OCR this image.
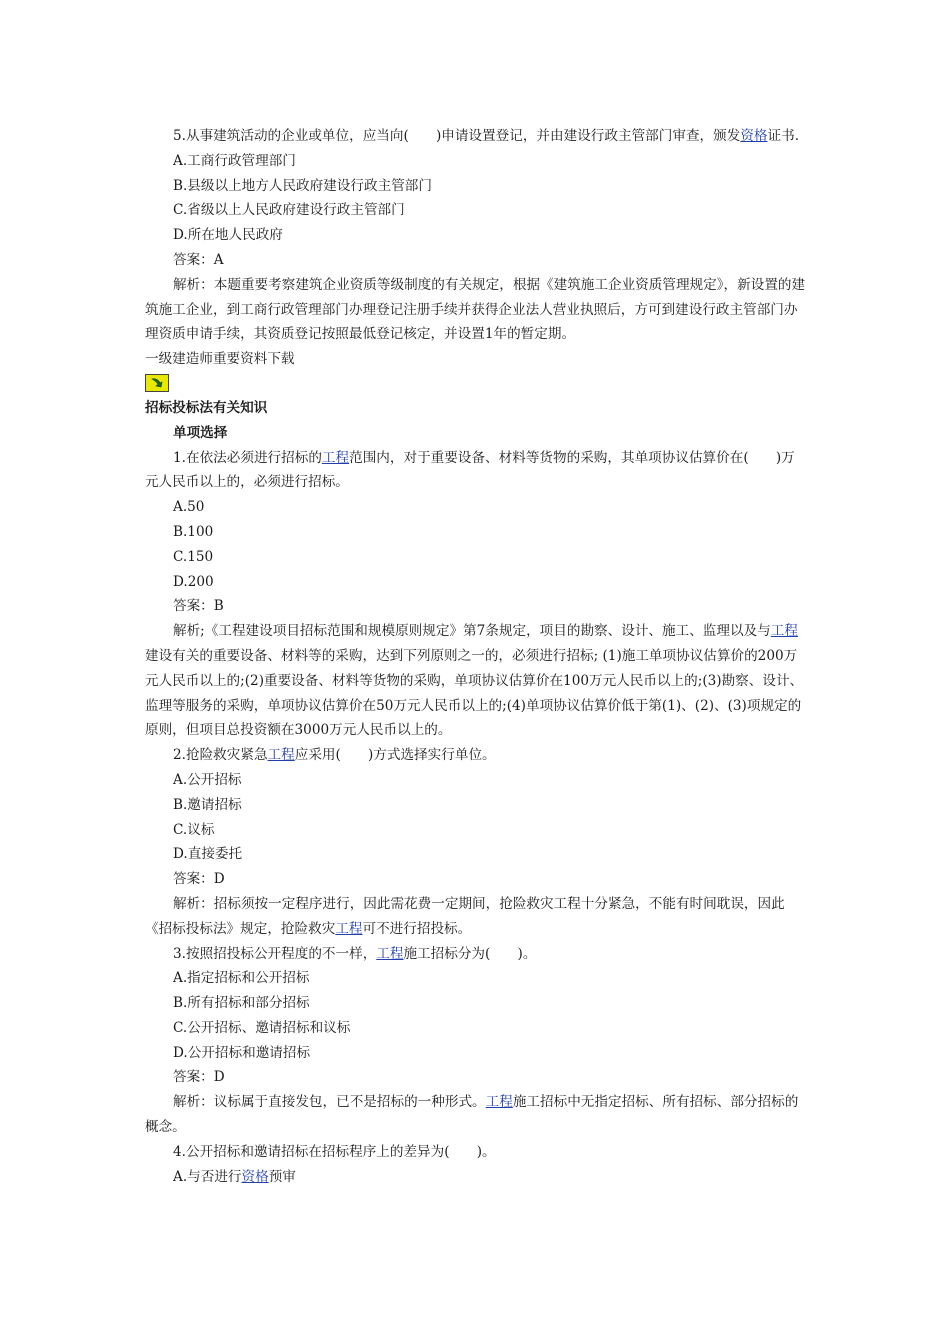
5.从事建筑活动的企业或单位，应当向(　　)申请设置登记，并由建设行政主管部门审查，颁发资格证书.

A.工商行政管理部门

B.县级以上地方人民政府建设行政主管部门

C.省级以上人民政府建设行政主管部门

D.所在地人民政府

答案：A

解析：本题重要考察建筑企业资质等级制度的有关规定，根据《建筑施工企业资质管理规定》，新设置的建筑施工企业，到工商行政管理部门办理登记注册手续并获得企业法人营业执照后，方可到建设行政主管部门办理资质申请手续，其资质登记按照最低登记核定，并设置1年的暂定期。

一级建造师重要资料下载

招标投标法有关知识

单项选择

1.在依法必须进行招标的工程范围内，对于重要设备、材料等货物的采购，其单项协议估算价在(　　)万元人民币以上的，必须进行招标。

A.50

B.100

C.150

D.200

答案：B

解析;《工程建设项目招标范围和规模原则规定》第7条规定，项目的勘察、设计、施工、监理以及与工程建设有关的重要设备、材料等的采购，达到下列原则之一的，必须进行招标; (1)施工单项协议估算价的200万元人民币以上的;(2)重要设备、材料等货物的采购，单项协议估算价在100万元人民币以上的;(3)勘察、设计、监理等服务的采购，单项协议估算价在50万元人民币以上的;(4)单项协议估算价低于第(1)、(2)、(3)项规定的原则，但项目总投资额在3000万元人民币以上的。

2.抢险救灾紧急工程应采用(　　)方式选择实行单位。

A.公开招标

B.邀请招标

C.议标

D.直接委托

答案：D

解析：招标须按一定程序进行，因此需花费一定期间，抢险救灾工程十分紧急，不能有时间耽误，因此《招标投标法》规定，抢险救灾工程可不进行招投标。

3.按照招投标公开程度的不一样，工程施工招标分为(　　)。

A.指定招标和公开招标

B.所有招标和部分招标

C.公开招标、邀请招标和议标

D.公开招标和邀请招标

答案：D

解析：议标属于直接发包，已不是招标的一种形式。工程施工招标中无指定招标、所有招标、部分招标的概念。

4.公开招标和邀请招标在招标程序上的差异为(　　)。

A.与否进行资格预审
